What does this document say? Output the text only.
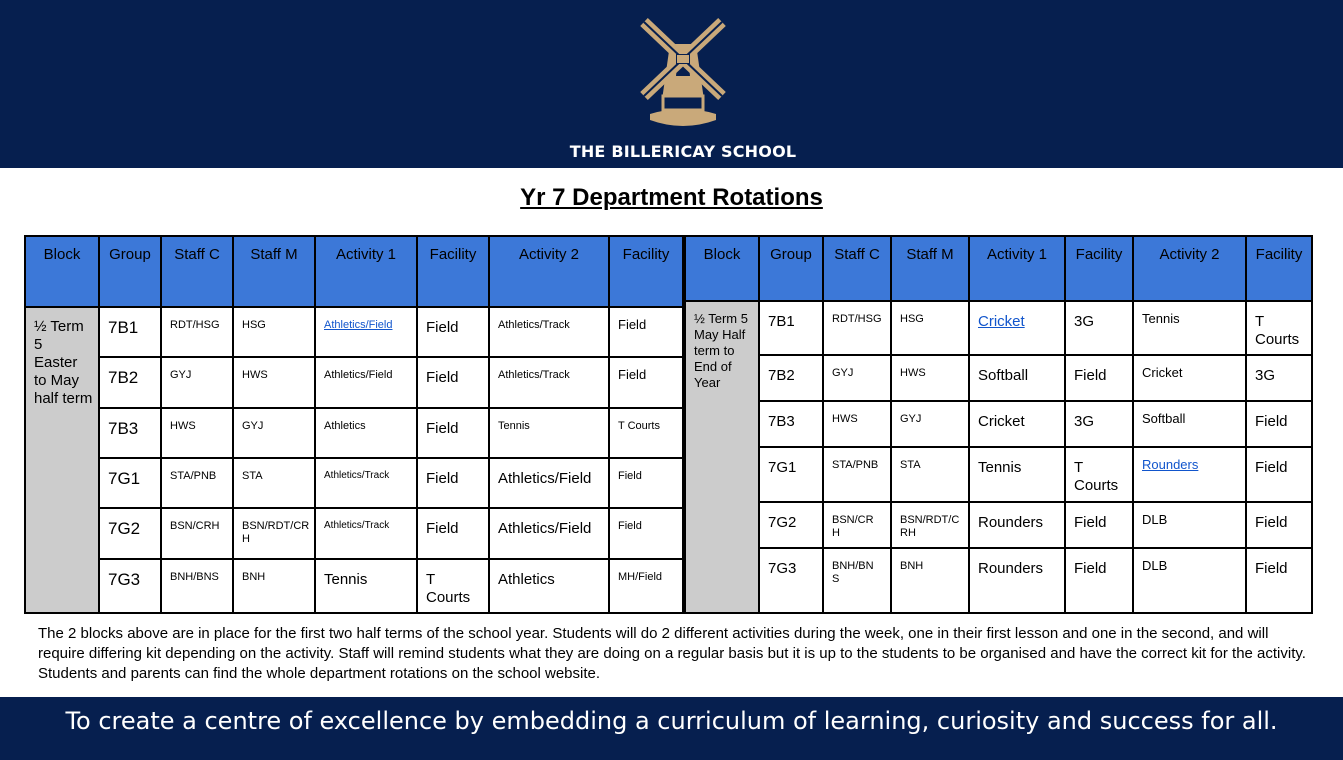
THE BILLERICAY SCHOOL
Yr 7 Department Rotations
Block	Group	Staff C	Staff M	Activity 1	Facility	Activity 2	Facility

½ Term 5
Easter to May half term	7B1	RDT/HSG	HSG	Athletics/Field	Field	Athletics/Track	Field

	7B2	GYJ	HWS	Athletics/Field	Field	Athletics/Track	Field

	7B3	HWS	GYJ	Athletics	Field	Tennis	T Courts

	7G1	STA/PNB	STA	Athletics/Track	Field	Athletics/Field	Field

	7G2	BSN/CRH	BSN/RDT/CRH	Athletics/Track	Field	Athletics/Field	Field

	7G3	BNH/BNS	BNH	Tennis	T Courts	Athletics	MH/Field
Block	Group	Staff C	Staff M	Activity 1	Facility	Activity 2	Facility

½ Term 5
May Half term to End of Year	7B1	RDT/HSG	HSG	Cricket	3G	Tennis	T Courts

	7B2	GYJ	HWS	Softball	Field	Cricket	3G

	7B3	HWS	GYJ	Cricket	3G	Softball	Field

	7G1	STA/PNB	STA	Tennis	T Courts	Rounders	Field

	7G2	BSN/CRH	BSN/RDT/CRH	Rounders	Field	DLB	Field

	7G3	BNH/BNS	BNH	Rounders	Field	DLB	Field
The 2 blocks above are in place for the first two half terms of the school year. Students will do 2 different activities during the week, one in their first lesson and one in the second, and will require differing kit depending on the activity. Staff will remind students what they are doing on a regular basis but it is up to the students to be organised and have the correct kit for the activity. Students and parents can find the whole department rotations on the school website.
To create a centre of excellence by embedding a curriculum of learning, curiosity and success for all.
